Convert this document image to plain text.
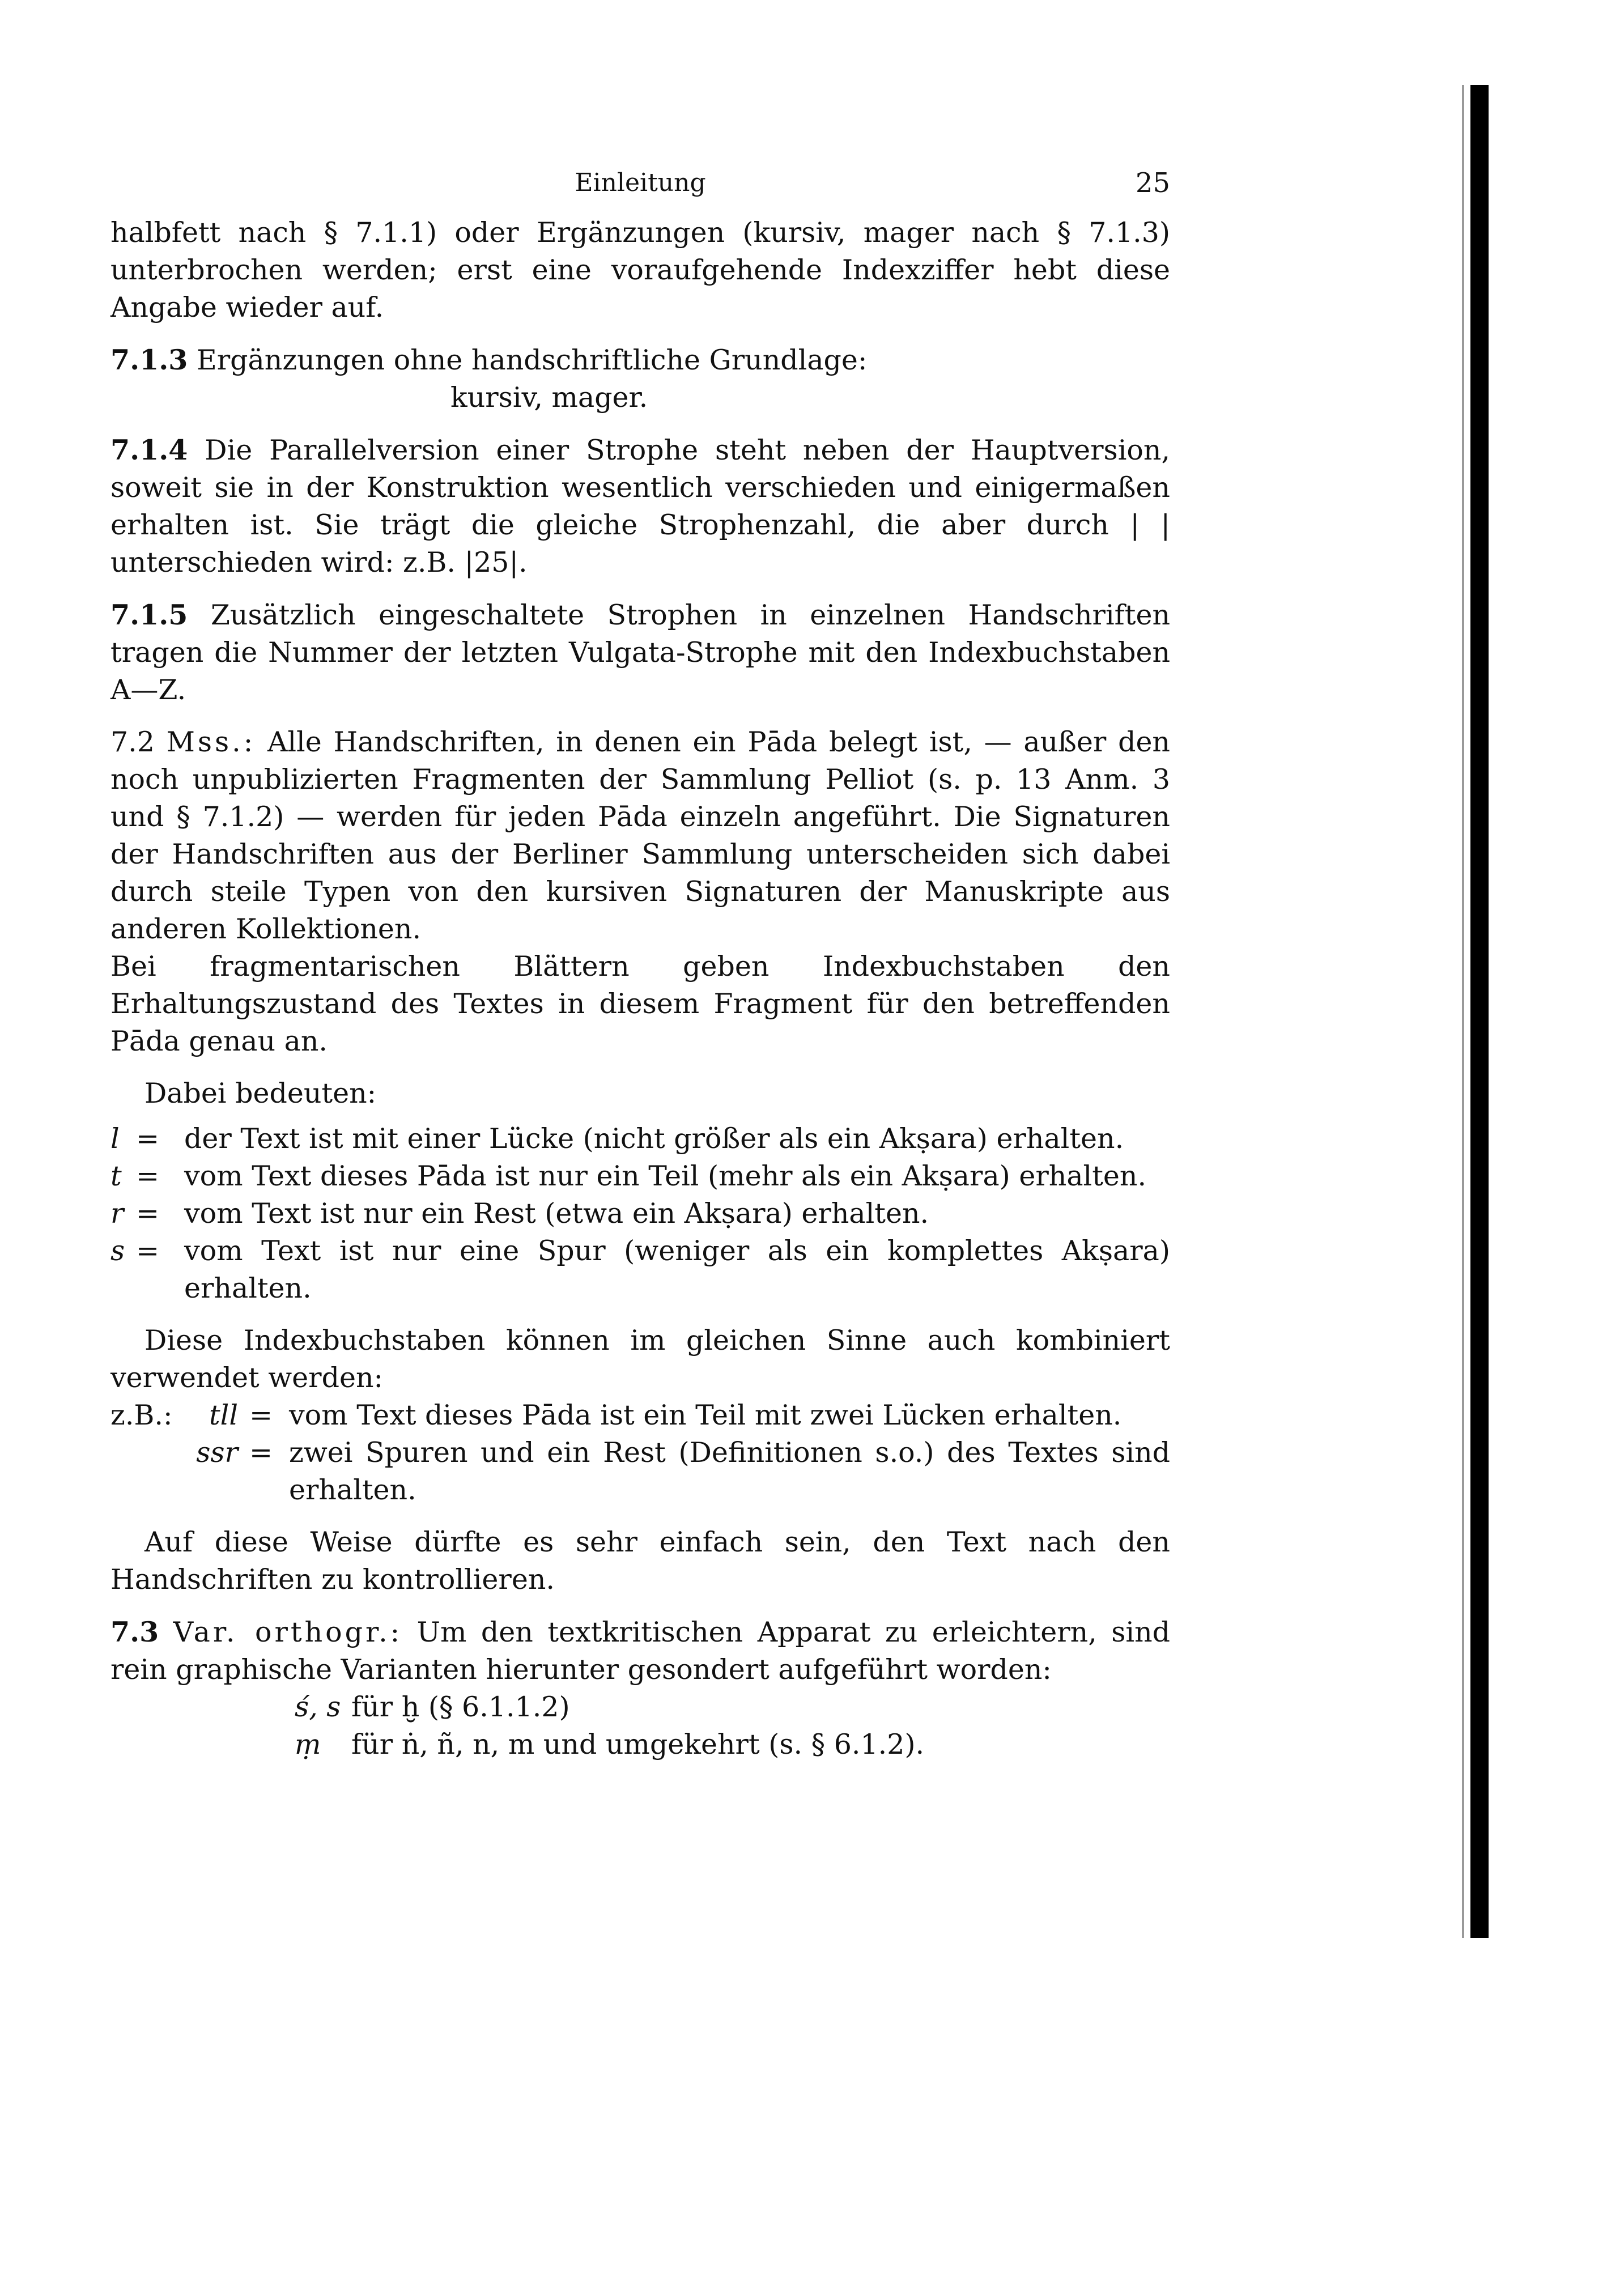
Einleitung	25

halbfett nach § 7.1.1) oder Ergänzungen (kursiv, mager nach § 7.1.3) unterbrochen werden; erst eine voraufgehende Indexziffer hebt diese Angabe wieder auf.

7.1.3 Ergänzungen ohne handschriftliche Grundlage:

kursiv, mager.

7.1.4 Die Parallelversion einer Strophe steht neben der Hauptversion, soweit sie in der Konstruktion wesentlich verschieden und einigermaßen erhalten ist. Sie trägt die gleiche Strophenzahl, die aber durch | | unterschieden wird: z.B. |25|.

7.1.5 Zusätzlich eingeschaltete Strophen in einzelnen Handschriften tragen die Nummer der letzten Vulgata-Strophe mit den Indexbuchstaben A—Z.

7.2 Mss.: Alle Handschriften, in denen ein Pāda belegt ist, — außer den noch unpublizierten Fragmenten der Sammlung Pelliot (s. p. 13 Anm. 3 und § 7.1.2) — werden für jeden Pāda einzeln angeführt. Die Signaturen der Handschriften aus der Berliner Sammlung unterscheiden sich dabei durch steile Typen von den kursiven Signaturen der Manuskripte aus anderen Kollektionen.

Bei fragmentarischen Blättern geben Indexbuchstaben den Erhaltungszustand des Textes in diesem Fragment für den betreffenden Pāda genau an.

Dabei bedeuten:

l = der Text ist mit einer Lücke (nicht größer als ein Akṣara) erhalten.
t = vom Text dieses Pāda ist nur ein Teil (mehr als ein Akṣara) erhalten.
r = vom Text ist nur ein Rest (etwa ein Akṣara) erhalten.
s = vom Text ist nur eine Spur (weniger als ein komplettes Akṣara) erhalten.

Diese Indexbuchstaben können im gleichen Sinne auch kombiniert verwendet werden:

z.B.:	tll = vom Text dieses Pāda ist ein Teil mit zwei Lücken erhalten.
ssr = zwei Spuren und ein Rest (Definitionen s.o.) des Textes sind erhalten.

Auf diese Weise dürfte es sehr einfach sein, den Text nach den Handschriften zu kontrollieren.

7.3 Var. orthogr.: Um den textkritischen Apparat zu erleichtern, sind rein graphische Varianten hierunter gesondert aufgeführt worden:

ś, s für ḫ (§ 6.1.1.2)
ṃ	für ṅ, ñ, n, m und umgekehrt (s. § 6.1.2).
